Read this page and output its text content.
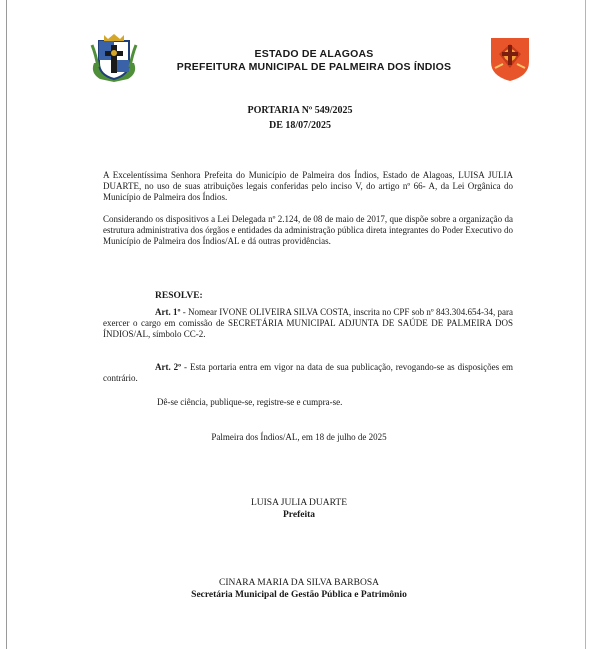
ESTADO DE ALAGOAS
PREFEITURA MUNICIPAL DE PALMEIRA DOS ÍNDIOS
PORTARIA Nº 549/2025
DE 18/07/2025
A Excelentíssima Senhora Prefeita do Município de Palmeira dos Índios, Estado de Alagoas, LUISA JULIA DUARTE, no uso de suas atribuições legais conferidas pelo inciso V, do artigo nº 66- A, da Lei Orgânica do Município de Palmeira dos Índios.
Considerando os dispositivos a Lei Delegada nº 2.124, de 08 de maio de 2017, que dispõe sobre a organização da estrutura administrativa dos órgãos e entidades da administração pública direta integrantes do Poder Executivo do Município de Palmeira dos Índios/AL e dá outras providências.
RESOLVE:
Art. 1º - Nomear IVONE OLIVEIRA SILVA COSTA, inscrita no CPF sob nº 843.304.654-34, para exercer o cargo em comissão de SECRETÁRIA MUNICIPAL ADJUNTA DE SAÚDE DE PALMEIRA DOS ÍNDIOS/AL, símbolo CC-2.
Art. 2º - Esta portaria entra em vigor na data de sua publicação, revogando-se as disposições em contrário.
Dê-se ciência, publique-se, registre-se e cumpra-se.
Palmeira dos Índios/AL, em 18 de julho de 2025
LUISA JULIA DUARTE
Prefeita
CINARA MARIA DA SILVA BARBOSA
Secretária Municipal de Gestão Pública e Patrimônio
